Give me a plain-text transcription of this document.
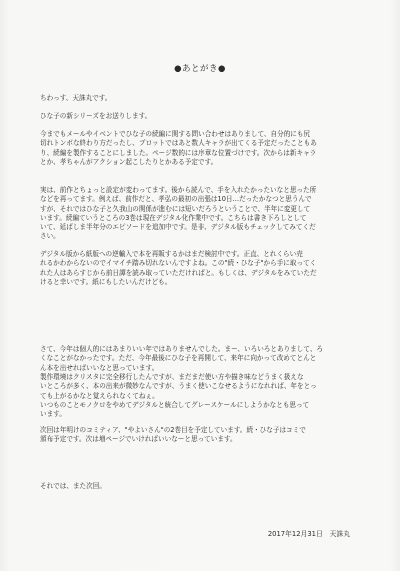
●あとがき●

ちわっす、天誅丸です。

ひな子の新シリーズをお送りします。

今までもメールやイベントでひな子の続編に関する問い合わせはありまして、自分的にも尻
切れトンボな終わり方だったし、プロットではあと数人キャラが出てくる予定だったこともあ
り、続編を製作することにしました。ページ数的には序章な位置づけです。次からは新キャラ
とか、孝ちゃんがアクション起こしたりとかある予定です。

実は、前作とちょっと設定が変わってます。後から読んで、手を入れたかったいなと思った所
などを再ってます。例えば、前作だと、孝弘の最初の出張は10日…だったかなつと思うんで
すが、それではひな子と久我山の関係が進むには短いだろうということで、半年に変更して
います。続編ていうところの3巻は現在デジタル化作業中です。こちらは書き下ろしとして
いて、延ばしま半年分のエピソードを追加中です。是非、デジタル版もチェックしてみてくだ
さい。

デジタル版から紙版への逆輸入で本を再販するかはまだ検討中です。正直、とれくらい売
れるかわからないのでイマイチ踏み切れないんですよね。この"続・ひな子"から手に取ってく
れた人はあらすじから前日譚を読み取っていただければと。もしくは、デジタルをみていただ
けると幸いです。紙にもしたいんだけども。

さて、今年は個人的にはあまりいい年ではありませんでした。まー、いろいろとありまして、ろ
くなことがなかったです。ただ、今年最後にひな子を再開して、来年に向かって改めてとんと
ん本を出せればいいなと思っています。

製作環境はクリスタに完全移行したんですが、まだまだ使い方や描き味などうまく扱えな
いところが多く、本の出来が微妙なんですが、うまく使いこなせるようになれれば、年をとっ
ても上がるかなと覚えられなくてねぇ。
いつものことモノクロをやめてデジタルと統合してグレースケールにしようかなとも思って
います。

次回は年明けのコミティア、"やよいさん"の2巻目を予定しています。続・ひな子はコミで
頒布予定です。次は増ページでいければいいなーと思っています。

それでは、また次回。

2017年12月31日　天誅丸
